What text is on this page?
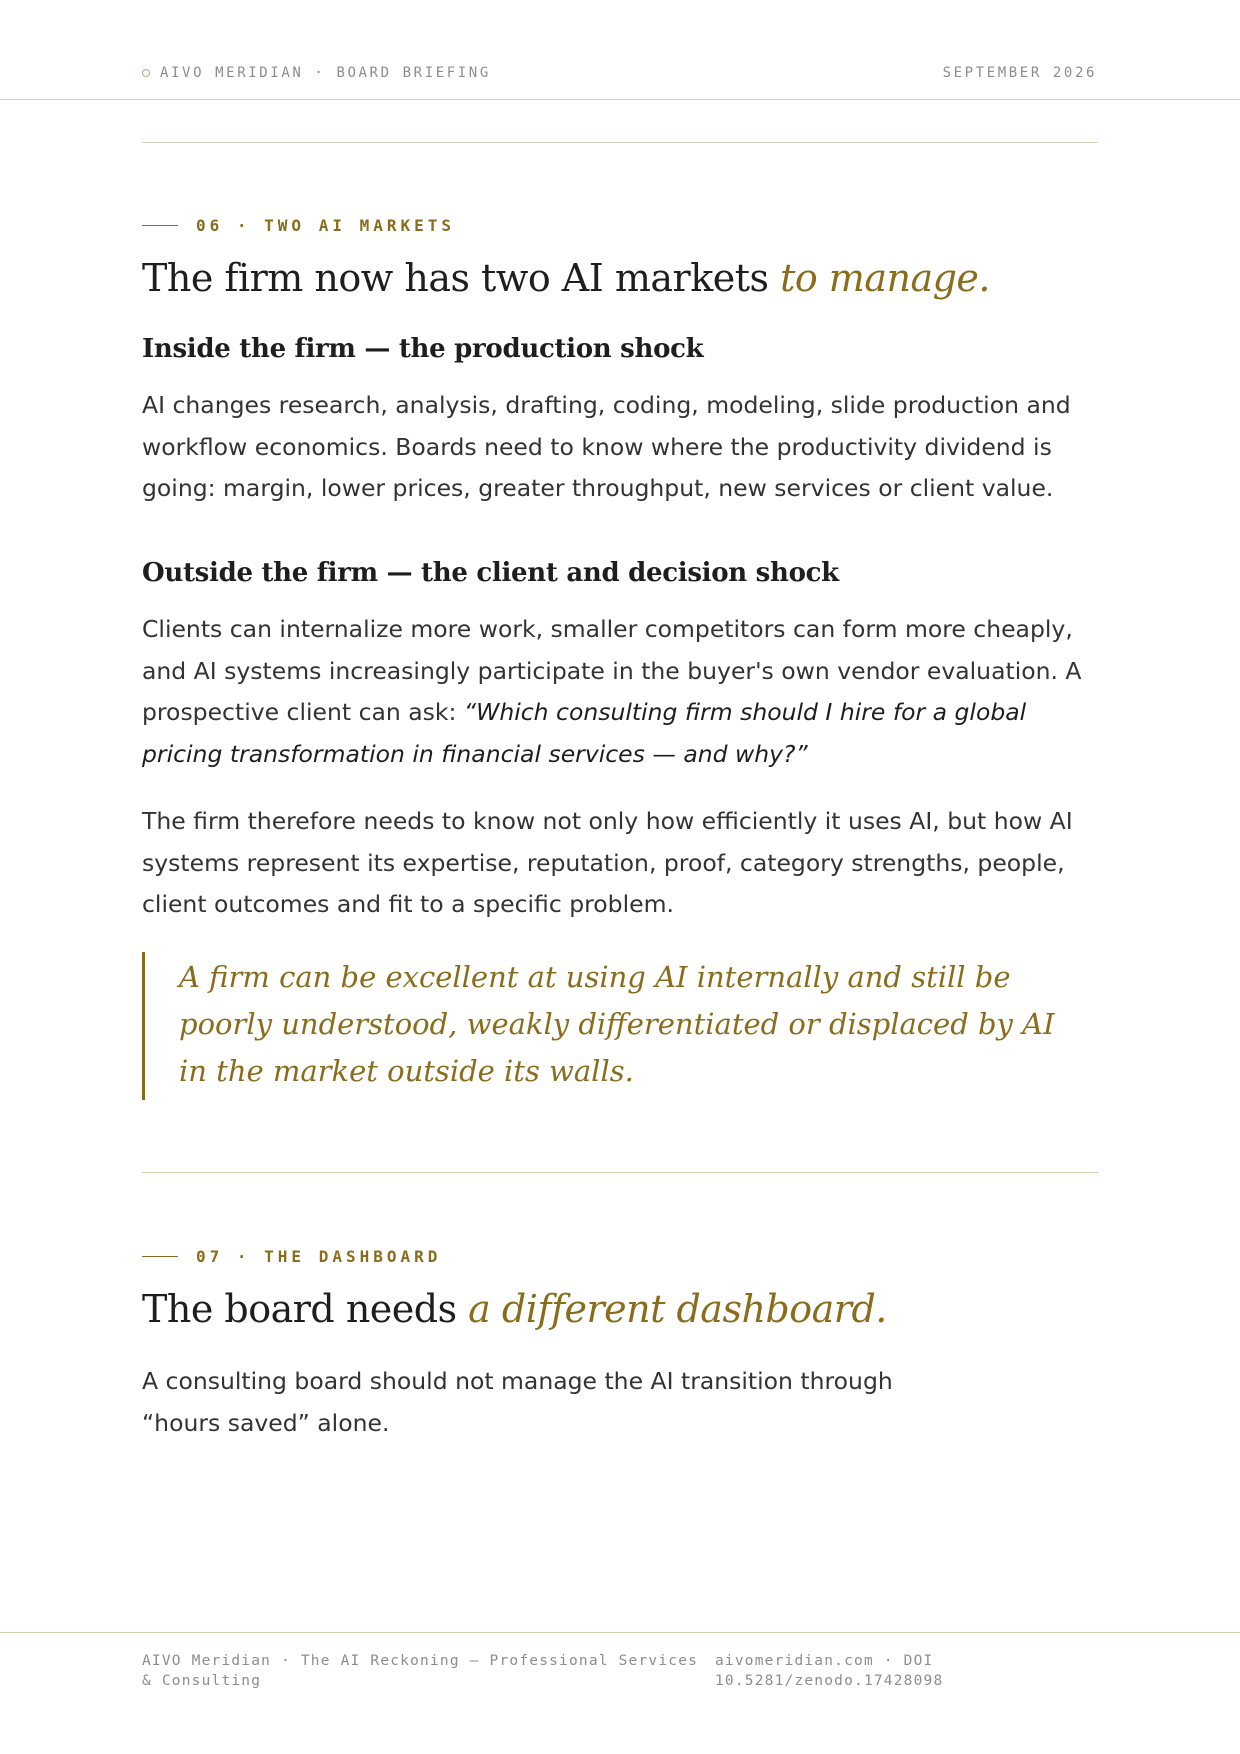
AIVO MERIDIAN · BOARD BRIEFING	SEPTEMBER 2026
06 · TWO AI MARKETS
The firm now has two AI markets to manage.
Inside the firm — the production shock

AI changes research, analysis, drafting, coding, modeling, slide production and workflow economics. Boards need to know where the productivity dividend is going: margin, lower prices, greater throughput, new services or client value.

Outside the firm — the client and decision shock

Clients can internalize more work, smaller competitors can form more cheaply, and AI systems increasingly participate in the buyer's own vendor evaluation. A prospective client can ask: “Which consulting firm should I hire for a global pricing transformation in financial services — and why?”

The firm therefore needs to know not only how efficiently it uses AI, but how AI systems represent its expertise, reputation, proof, category strengths, people, client outcomes and fit to a specific problem.

A firm can be excellent at using AI internally and still be poorly understood, weakly differentiated or displaced by AI in the market outside its walls.
07 · THE DASHBOARD
The board needs a different dashboard.

A consulting board should not manage the AI transition through “hours saved” alone.

AIVO Meridian · The AI Reckoning — Professional Services & Consulting
aivomeridian.com · DOI 10.5281/zenodo.17428098
